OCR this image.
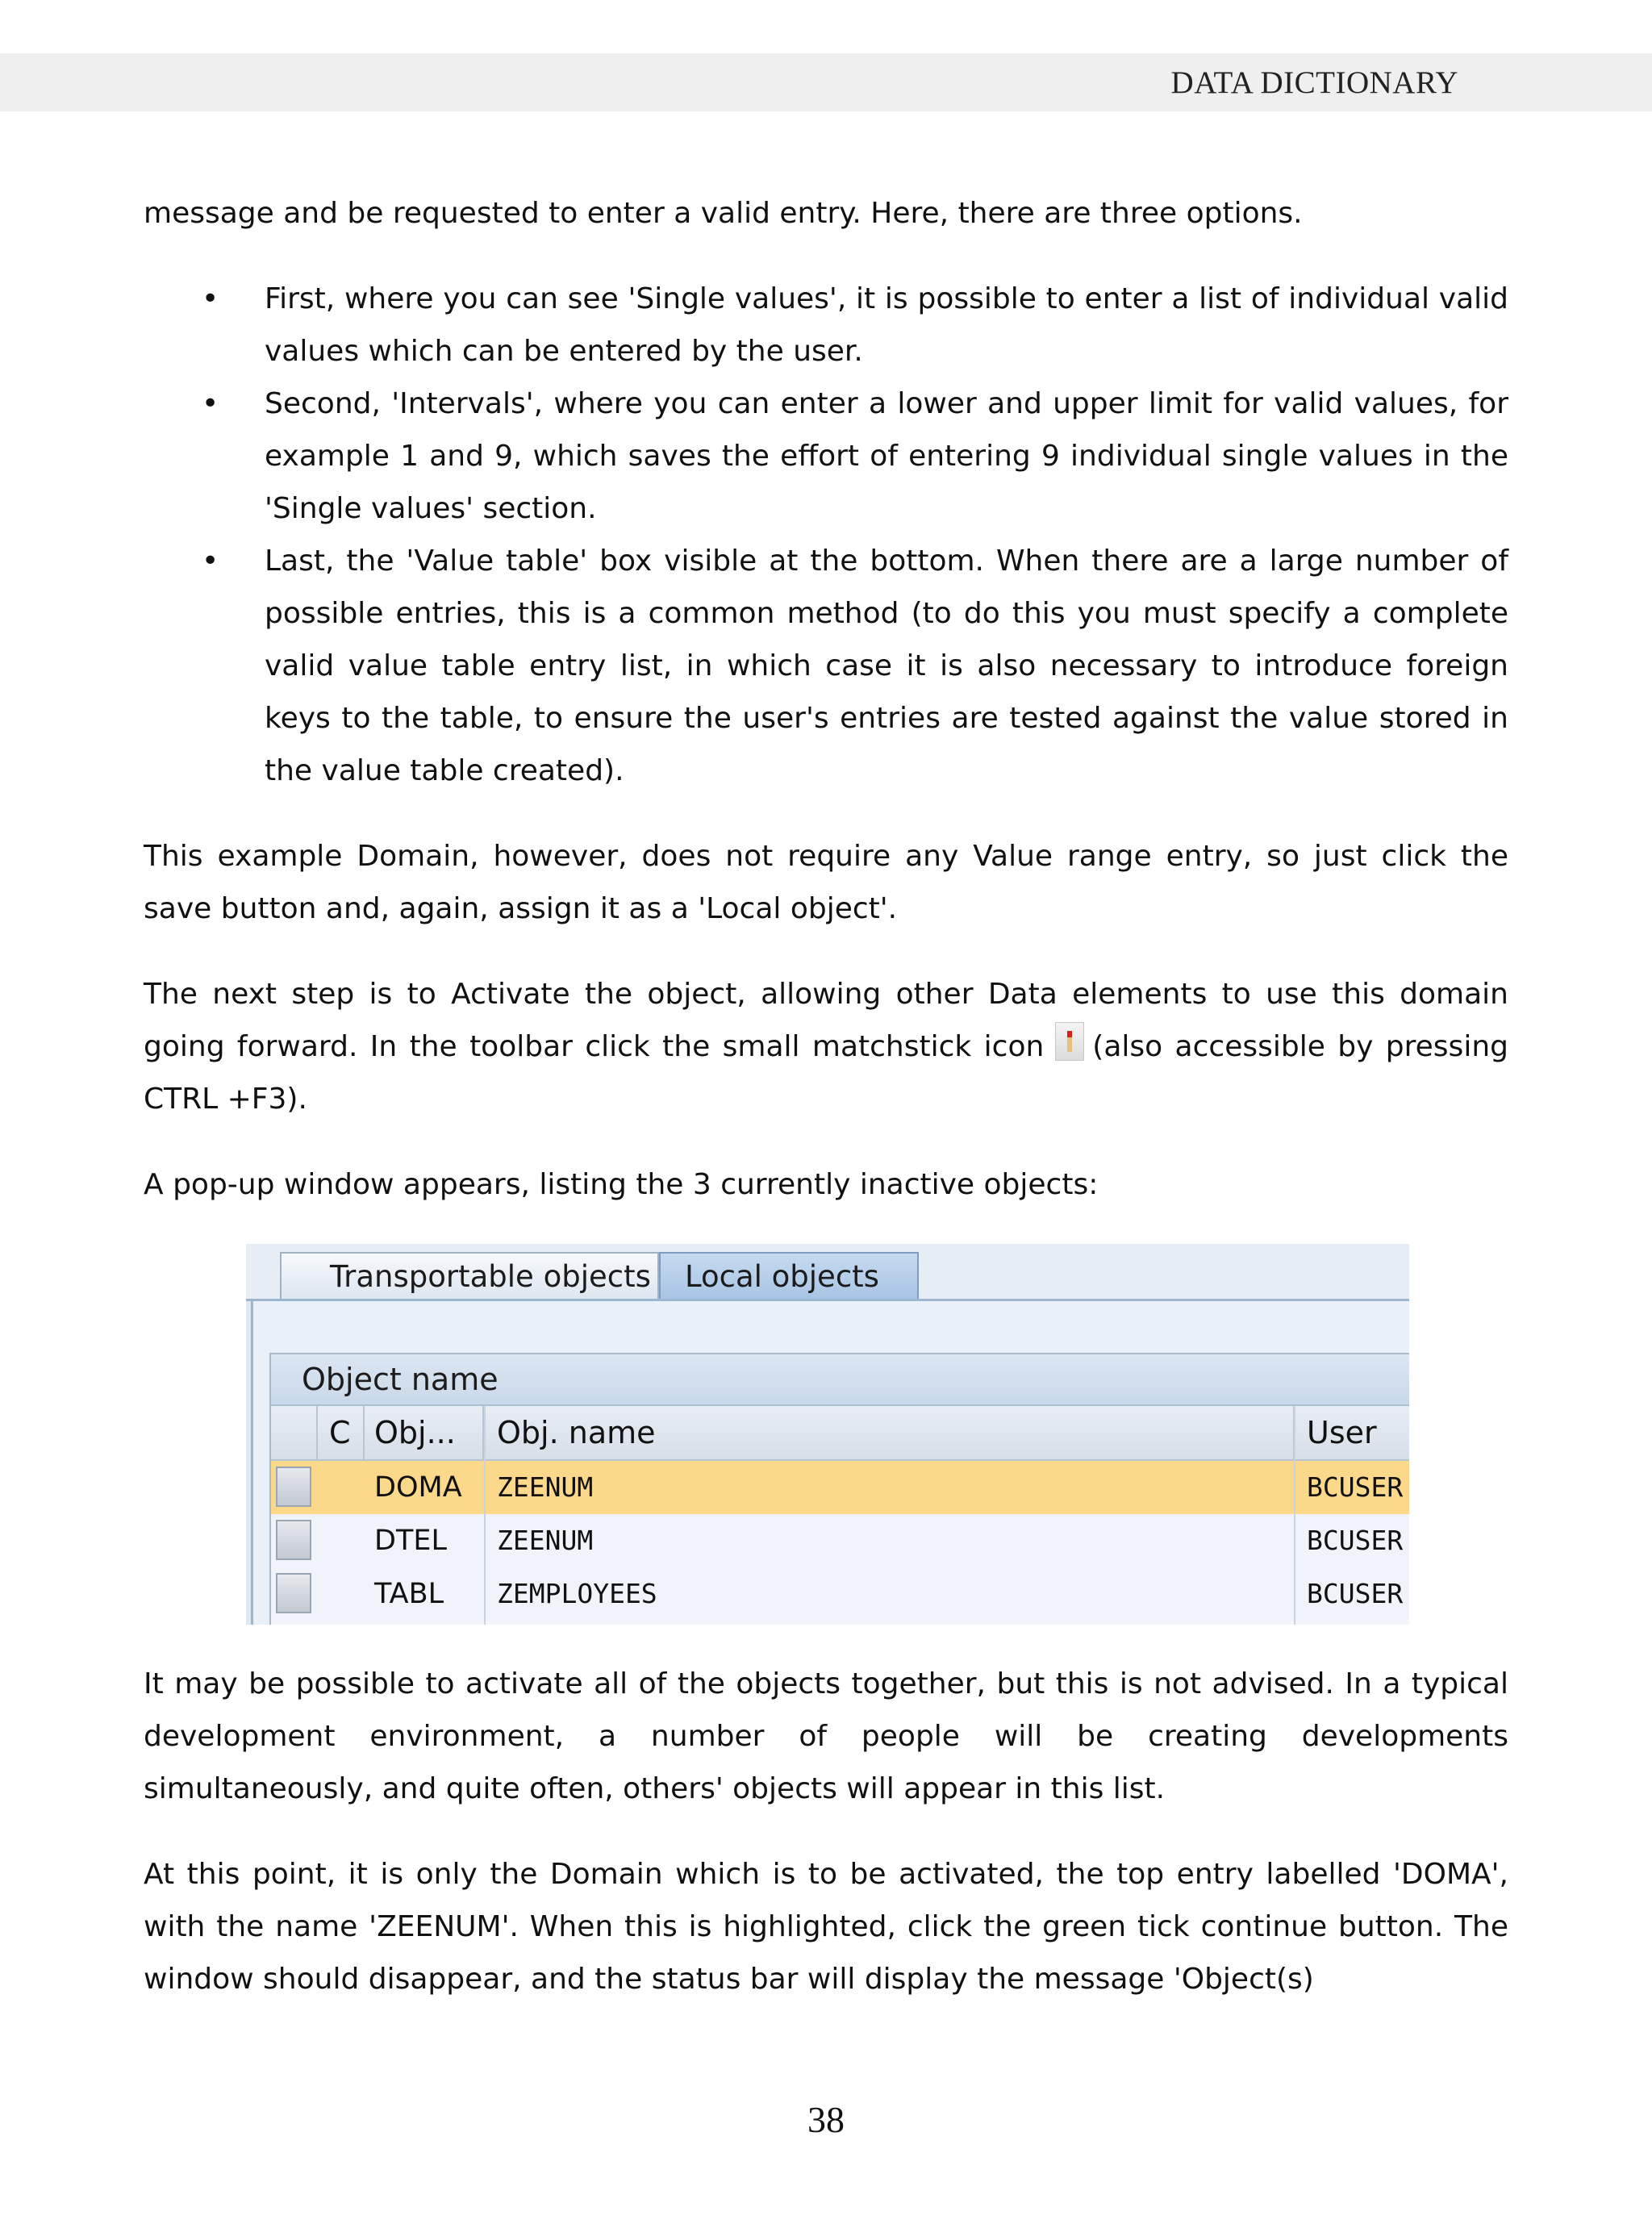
DATA DICTIONARY

message and be requested to enter a valid entry. Here, there are three options.

• First, where you can see 'Single values', it is possible to enter a list of individual valid values which can be entered by the user.
• Second, 'Intervals', where you can enter a lower and upper limit for valid values, for example 1 and 9, which saves the effort of entering 9 individual single values in the 'Single values' section.
• Last, the 'Value table' box visible at the bottom. When there are a large number of possible entries, this is a common method (to do this you must specify a complete valid value table entry list, in which case it is also necessary to introduce foreign keys to the table, to ensure the user's entries are tested against the value stored in the value table created).

This example Domain, however, does not require any Value range entry, so just click the save button and, again, assign it as a 'Local object'.

The next step is to Activate the object, allowing other Data elements to use this domain going forward. In the toolbar click the small matchstick icon (also accessible by pressing CTRL +F3).

A pop-up window appears, listing the 3 currently inactive objects:

Transportable objects	Local objects
Object name
C Obj...	Obj. name	User
DOMA	ZEENUM	BCUSER
DTEL	ZEENUM	BCUSER
TABL	ZEMPLOYEES	BCUSER

It may be possible to activate all of the objects together, but this is not advised. In a typical development environment, a number of people will be creating developments simultaneously, and quite often, others' objects will appear in this list.

At this point, it is only the Domain which is to be activated, the top entry labelled 'DOMA', with the name 'ZEENUM'. When this is highlighted, click the green tick continue button. The window should disappear, and the status bar will display the message 'Object(s)

38
